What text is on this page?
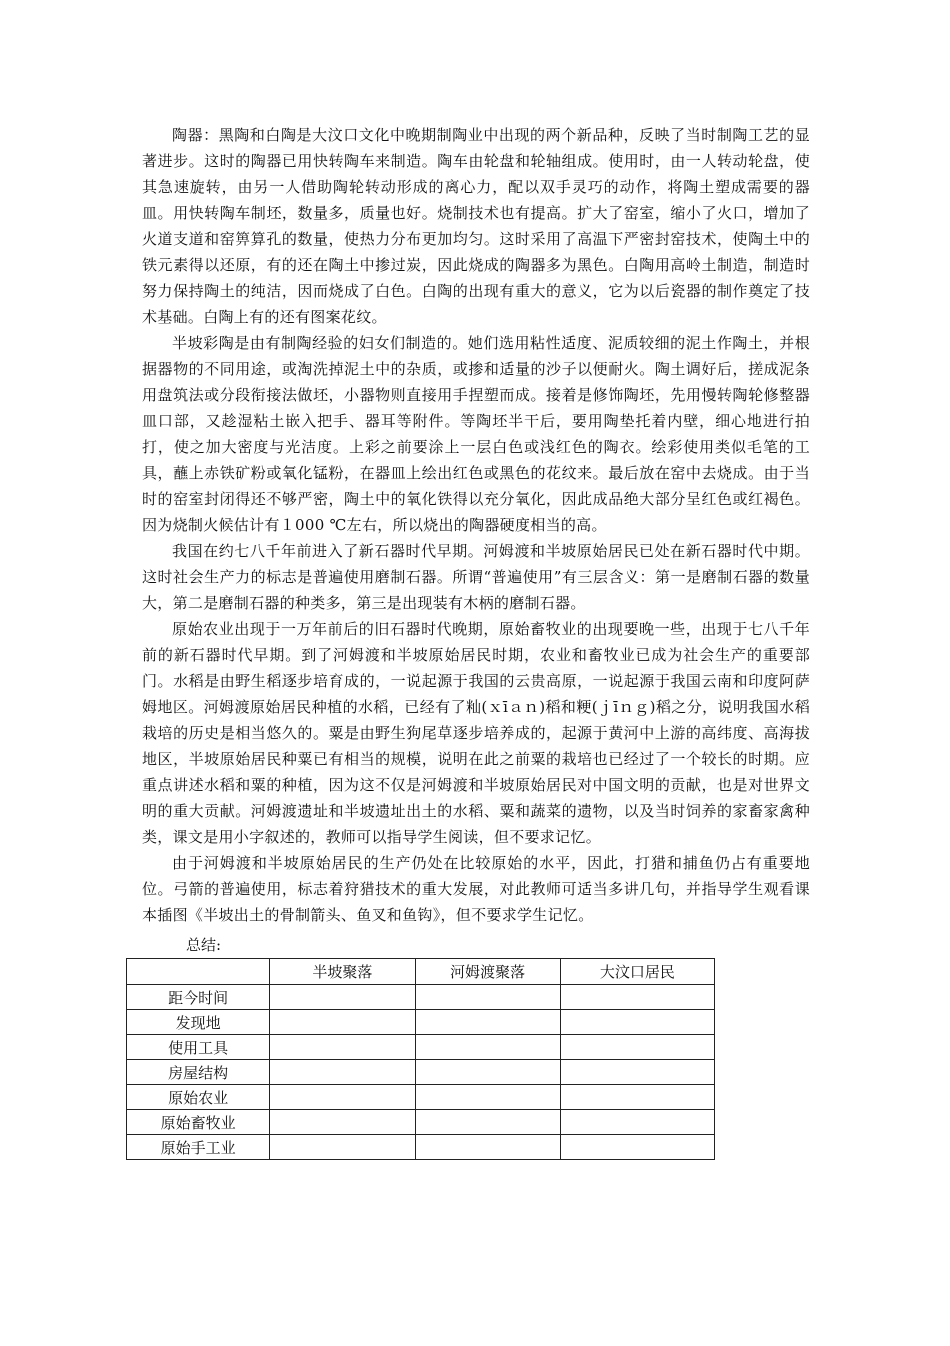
陶器：黑陶和白陶是大汶口文化中晚期制陶业中出现的两个新品种，反映了当时制陶工艺的显著进步。这时的陶器已用快转陶车来制造。陶车由轮盘和轮轴组成。使用时，由一人转动轮盘，使其急速旋转，由另一人借助陶轮转动形成的离心力，配以双手灵巧的动作，将陶土塑成需要的器皿。用快转陶车制坯，数量多，质量也好。烧制技术也有提高。扩大了窑室，缩小了火口，增加了火道支道和窑箅算孔的数量，使热力分布更加均匀。这时采用了高温下严密封窑技术，使陶土中的铁元素得以还原，有的还在陶土中掺过炭，因此烧成的陶器多为黑色。白陶用高岭土制造，制造时努力保持陶土的纯洁，因而烧成了白色。白陶的出现有重大的意义，它为以后瓷器的制作奠定了技术基础。白陶上有的还有图案花纹。

半坡彩陶是由有制陶经验的妇女们制造的。她们选用粘性适度、泥质较细的泥土作陶土，并根据器物的不同用途，或淘洗掉泥土中的杂质，或掺和适量的沙子以便耐火。陶土调好后，搓成泥条用盘筑法或分段衔接法做坯，小器物则直接用手捏塑而成。接着是修饰陶坯，先用慢转陶轮修整器皿口部，又趁湿粘土嵌入把手、器耳等附件。等陶坯半干后，要用陶垫托着内壁，细心地进行拍打，使之加大密度与光洁度。上彩之前要涂上一层白色或浅红色的陶衣。绘彩使用类似毛笔的工具，蘸上赤铁矿粉或氧化锰粉，在器皿上绘出红色或黑色的花纹来。最后放在窑中去烧成。由于当时的窑室封闭得还不够严密，陶土中的氧化铁得以充分氧化，因此成品绝大部分呈红色或红褐色。因为烧制火候估计有１000 ℃左右，所以烧出的陶器硬度相当的高。

我国在约七八千年前进入了新石器时代早期。河姆渡和半坡原始居民已处在新石器时代中期。这时社会生产力的标志是普遍使用磨制石器。所谓“普遍使用”有三层含义：第一是磨制石器的数量大，第二是磨制石器的种类多，第三是出现装有木柄的磨制石器。

原始农业出现于一万年前后的旧石器时代晚期，原始畜牧业的出现要晚一些，出现于七八千年前的新石器时代早期。到了河姆渡和半坡原始居民时期，农业和畜牧业已成为社会生产的重要部门。水稻是由野生稻逐步培育成的，一说起源于我国的云贵高原，一说起源于我国云南和印度阿萨姆地区。河姆渡原始居民种植的水稻，已经有了籼(ｘīａｎ)稻和粳(ｊīｎｇ)稻之分，说明我国水稻栽培的历史是相当悠久的。粟是由野生狗尾草逐步培养成的，起源于黄河中上游的高纬度、高海拔地区，半坡原始居民种粟已有相当的规模，说明在此之前粟的栽培也已经过了一个较长的时期。应重点讲述水稻和粟的种植，因为这不仅是河姆渡和半坡原始居民对中国文明的贡献，也是对世界文明的重大贡献。河姆渡遗址和半坡遗址出土的水稻、粟和蔬菜的遗物，以及当时饲养的家畜家禽种类，课文是用小字叙述的，教师可以指导学生阅读，但不要求记忆。

由于河姆渡和半坡原始居民的生产仍处在比较原始的水平，因此，打猎和捕鱼仍占有重要地位。弓箭的普遍使用，标志着狩猎技术的重大发展，对此教师可适当多讲几句，并指导学生观看课本插图《半坡出土的骨制箭头、鱼叉和鱼钩》，但不要求学生记忆。

总结:
	半坡聚落	河姆渡聚落	大汶口居民
距今时间			
发现地			
使用工具			
房屋结构			
原始农业			
原始畜牧业			
原始手工业			
